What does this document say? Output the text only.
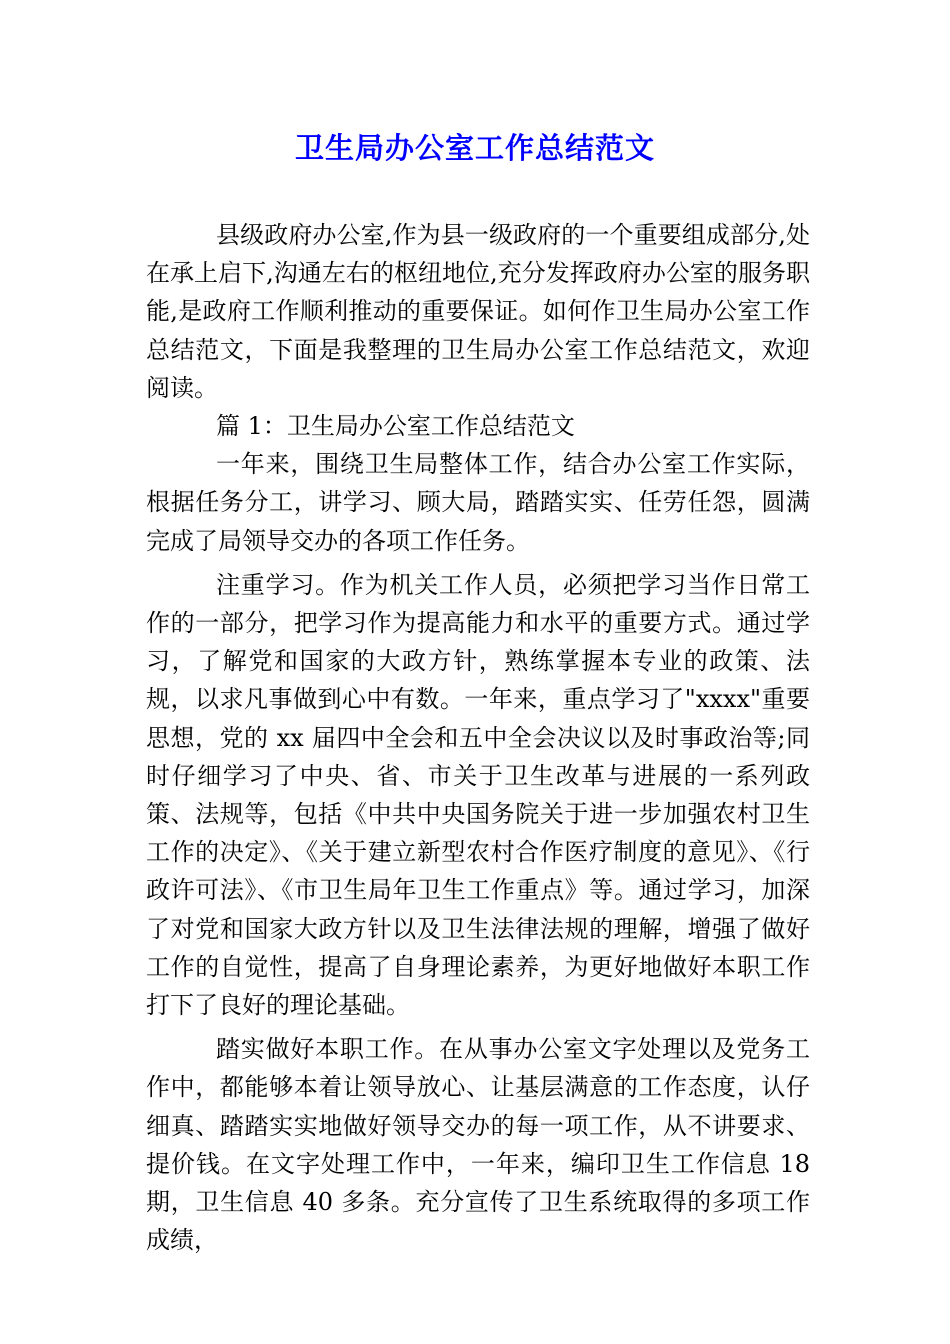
卫生局办公室工作总结范文

县级政府办公室,作为县一级政府的一个重要组成部分,处在承上启下,沟通左右的枢纽地位,充分发挥政府办公室的服务职能,是政府工作顺利推动的重要保证。如何作卫生局办公室工作总结范文，下面是我整理的卫生局办公室工作总结范文，欢迎阅读。

篇 1：卫生局办公室工作总结范文

一年来，围绕卫生局整体工作，结合办公室工作实际，根据任务分工，讲学习、顾大局，踏踏实实、任劳任怨，圆满完成了局领导交办的各项工作任务。

注重学习。作为机关工作人员，必须把学习当作日常工作的一部分，把学习作为提高能力和水平的重要方式。通过学习，了解党和国家的大政方针，熟练掌握本专业的政策、法规，以求凡事做到心中有数。一年来，重点学习了"xxxx"重要思想，党的 xx 届四中全会和五中全会决议以及时事政治等;同时仔细学习了中央、省、市关于卫生改革与进展的一系列政策、法规等，包括《中共中央国务院关于进一步加强农村卫生工作的决定》、《关于建立新型农村合作医疗制度的意见》、《行政许可法》、《市卫生局年卫生工作重点》等。通过学习，加深了对党和国家大政方针以及卫生法律法规的理解，增强了做好工作的自觉性，提高了自身理论素养，为更好地做好本职工作打下了良好的理论基础。

踏实做好本职工作。在从事办公室文字处理以及党务工作中，都能够本着让领导放心、让基层满意的工作态度，认仔细真、踏踏实实地做好领导交办的每一项工作，从不讲要求、提价钱。在文字处理工作中，一年来，编印卫生工作信息 18 期，卫生信息 40 多条。充分宣传了卫生系统取得的多项工作成绩，
